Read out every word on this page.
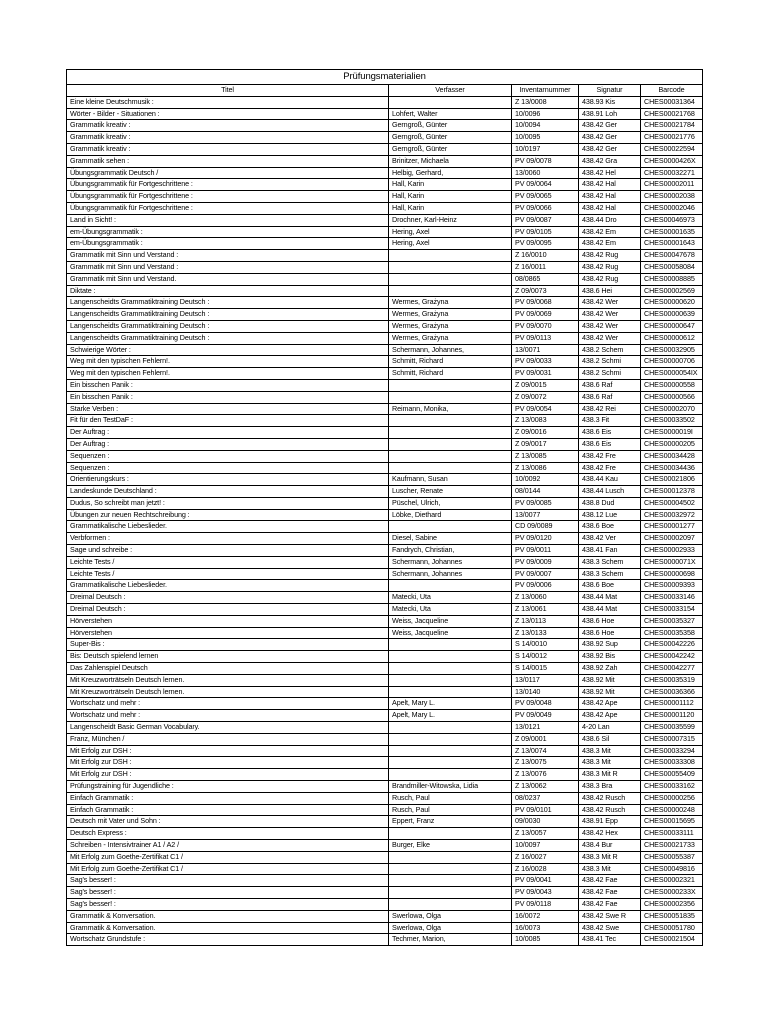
Prüfungsmaterialien				
Titel	Verfasser	Inventarnummer	Signatur	Barcode
Eine kleine Deutschmusik :		Z 13/0008	438.93 Kis	CHES00031364
Wörter - Bilder - Situationen :	Lohfert, Walter	10/0096	438.91 Loh	CHES00021768
Grammatik kreativ :	Gerngroß, Günter	10/0094	438.42 Ger	CHES00021784
Grammatik kreativ :	Gerngroß, Günter	10/0095	438.42 Ger	CHES00021776
Grammatik kreativ :	Gerngroß, Günter	10/0197	438.42 Ger	CHES00022594
Grammatik sehen :	Brinitzer, Michaela	PV 09/0078	438.42 Gra	CHES0000426X
Übungsgrammatik Deutsch /	Helbig, Gerhard,	13/0060	438.42 Hel	CHES00032271
Übungsgrammatik für Fortgeschrittene :	Hall, Karin	PV 09/0064	438.42 Hal	CHES00002011
Übungsgrammatik für Fortgeschrittene :	Hall, Karin	PV 09/0065	438.42 Hal	CHES00002038
Übungsgrammatik für Fortgeschrittene :	Hall, Karin	PV 09/0066	438.42 Hal	CHES00002046
Land in Sicht! :	Drochner, Karl-Heinz	PV 09/0087	438.44 Dro	CHES00046973
em-Übungsgrammatik :	Hering, Axel	PV 09/0105	438.42 Em	CHES00001635
em-Übungsgrammatik :	Hering, Axel	PV 09/0095	438.42 Em	CHES00001643
Grammatik mit Sinn und Verstand :		Z 16/0010	438.42 Rug	CHES00047678
Grammatik mit Sinn und Verstand :		Z 16/0011	438.42 Rug	CHES00058084
Grammatik mit Sinn und Verstand.		08/0865	438.42 Rug	CHES00008885
Diktate :		Z 09/0073	438.6 Hei	CHES00002569
Langenscheidts Grammatiktraining Deutsch :	Wermes, Grażyna	PV 09/0068	438.42 Wer	CHES00000620
Langenscheidts Grammatiktraining Deutsch :	Wermes, Grażyna	PV 09/0069	438.42 Wer	CHES00000639
Langenscheidts Grammatiktraining Deutsch :	Wermes, Grażyna	PV 09/0070	438.42 Wer	CHES00000647
Langenscheidts Grammatiktraining Deutsch :	Wermes, Grażyna	PV 09/0113	438.42 Wer	CHES00000612
Schwierige Wörter :	Schermann, Johannes,	13/0071	438.2 Schem	CHES00032905
Weg mit den typischen Fehlern!.	Schmitt, Richard	PV 09/0033	438.2 Schmi	CHES00000706
Weg mit den typischen Fehlern!.	Schmitt, Richard	PV 09/0031	438.2 Schmi	CHES0000054IX
Ein bisschen Panik :		Z 09/0015	438.6 Raf	CHES00000558
Ein bisschen Panik :		Z 09/0072	438.6 Raf	CHES00000566
Starke Verben :	Reimann, Monika,	PV 09/0054	438.42 Rei	CHES00002070
Fit für den TestDaF :		Z 13/0083	438.3 Fit	CHES00033502
Der Auftrag :		Z 09/0016	438.6 Eis	CHES0000019I
Der Auftrag :		Z 09/0017	438.6 Eis	CHES00000205
Sequenzen :		Z 13/0085	438.42 Fre	CHES00034428
Sequenzen :		Z 13/0086	438.42 Fre	CHES00034436
Orientierungskurs :	Kaufmann, Susan	10/0092	438.44 Kau	CHES00021806
Landeskunde Deutschland :	Luscher, Renate	08/0144	438.44 Lusch	CHES00012378
Dudus, So schreibt man jetzt! :	Püschel, Ulrich,	PV 09/0085	438.8 Dud	CHES00004502
Übungen zur neuen Rechtschreibung :	Löbke, Diethard	13/0077	438.12 Lue	CHES00032972
Grammatikalische Liebeslieder.		CD 09/0089	438.6 Boe	CHES00001277
Verbformen :	Diesel, Sabine	PV 09/0120	438.42 Ver	CHES00002097
Sage und schreibe :	Fandrych, Christian,	PV 09/0011	438.41 Fan	CHES00002933
Leichte Tests /	Schermann, Johannes	PV 09/0009	438.3 Schem	CHES0000071X
Leichte Tests /	Schermann, Johannes	PV 09/0007	438.3 Schem	CHES00000698
Grammatikalische Liebeslieder.		PV 09/0006	438.6 Boe	CHES00009393
Dreimal Deutsch :	Matecki, Uta	Z 13/0060	438.44 Mat	CHES00033146
Dreimal Deutsch :	Matecki, Uta	Z 13/0061	438.44 Mat	CHES00033154
Hörverstehen	Weiss, Jacqueline	Z 13/0113	438.6 Hoe	CHES00035327
Hörverstehen	Weiss, Jacqueline	Z 13/0133	438.6 Hoe	CHES00035358
Super-Bis :		S 14/0010	438.92 Sup	CHES00042226
Bis: Deutsch spielend lernen		S 14/0012	438.92 Bis	CHES00042242
Das Zahlenspiel Deutsch		S 14/0015	438.92 Zah	CHES00042277
Mit Kreuzworträtseln Deutsch lernen.		13/0117	438.92 Mit	CHES00035319
Mit Kreuzworträtseln Deutsch lernen.		13/0140	438.92 Mit	CHES00036366
Wortschatz und mehr :	Apelt, Mary L.	PV 09/0048	438.42 Ape	CHES00001112
Wortschatz und mehr :	Apelt, Mary L.	PV 09/0049	438.42 Ape	CHES00001120
Langenscheidt Basic German Vocabulary.		13/0121	4-20 Lan	CHES00035599
Franz, München /		Z 09/0001	438.6 Sil	CHES00007315
Mit Erfolg zur DSH :		Z 13/0074	438.3 Mit	CHES00033294
Mit Erfolg zur DSH :		Z 13/0075	438.3 Mit	CHES00033308
Mit Erfolg zur DSH :		Z 13/0076	438.3 Mit R	CHES00055409
Prüfungstraining für Jugendliche :	Brandmiller-Witowska, Lidia	Z 13/0062	438.3 Bra	CHES00033162
Einfach Grammatik :	Rusch, Paul	08/0237	438.42 Rusch	CHES00000256
Einfach Grammatik :	Rusch, Paul	PV 09/0101	438.42 Rusch	CHES00000248
Deutsch mit Vater und Sohn :	Eppert, Franz	09/0030	438.91 Epp	CHES00015695
Deutsch Express :		Z 13/0057	438.42 Hex	CHES00033111
Schreiben - Intensivtrainer A1 / A2 /	Burger, Elke	10/0097	438.4 Bur	CHES00021733
Mit Erfolg zum Goethe-Zertifikat C1 /		Z 16/0027	438.3 Mit R	CHES00055387
Mit Erfolg zum Goethe-Zertifikat C1 /		Z 16/0028	438.3 Mit	CHES00049816
Sag's besser! :		PV 09/0041	438.42 Fae	CHES00002321
Sag's besser! :		PV 09/0043	438.42 Fae	CHES0000233X
Sag's besser! :		PV 09/0118	438.42 Fae	CHES00002356
Grammatik & Konversation.	Swerlowa, Olga	16/0072	438.42 Swe R	CHES00051835
Grammatik & Konversation.	Swerlowa, Olga	16/0073	438.42 Swe	CHES00051780
Wortschatz Grundstufe :	Techmer, Marion,	10/0085	438.41 Tec	CHES00021504
